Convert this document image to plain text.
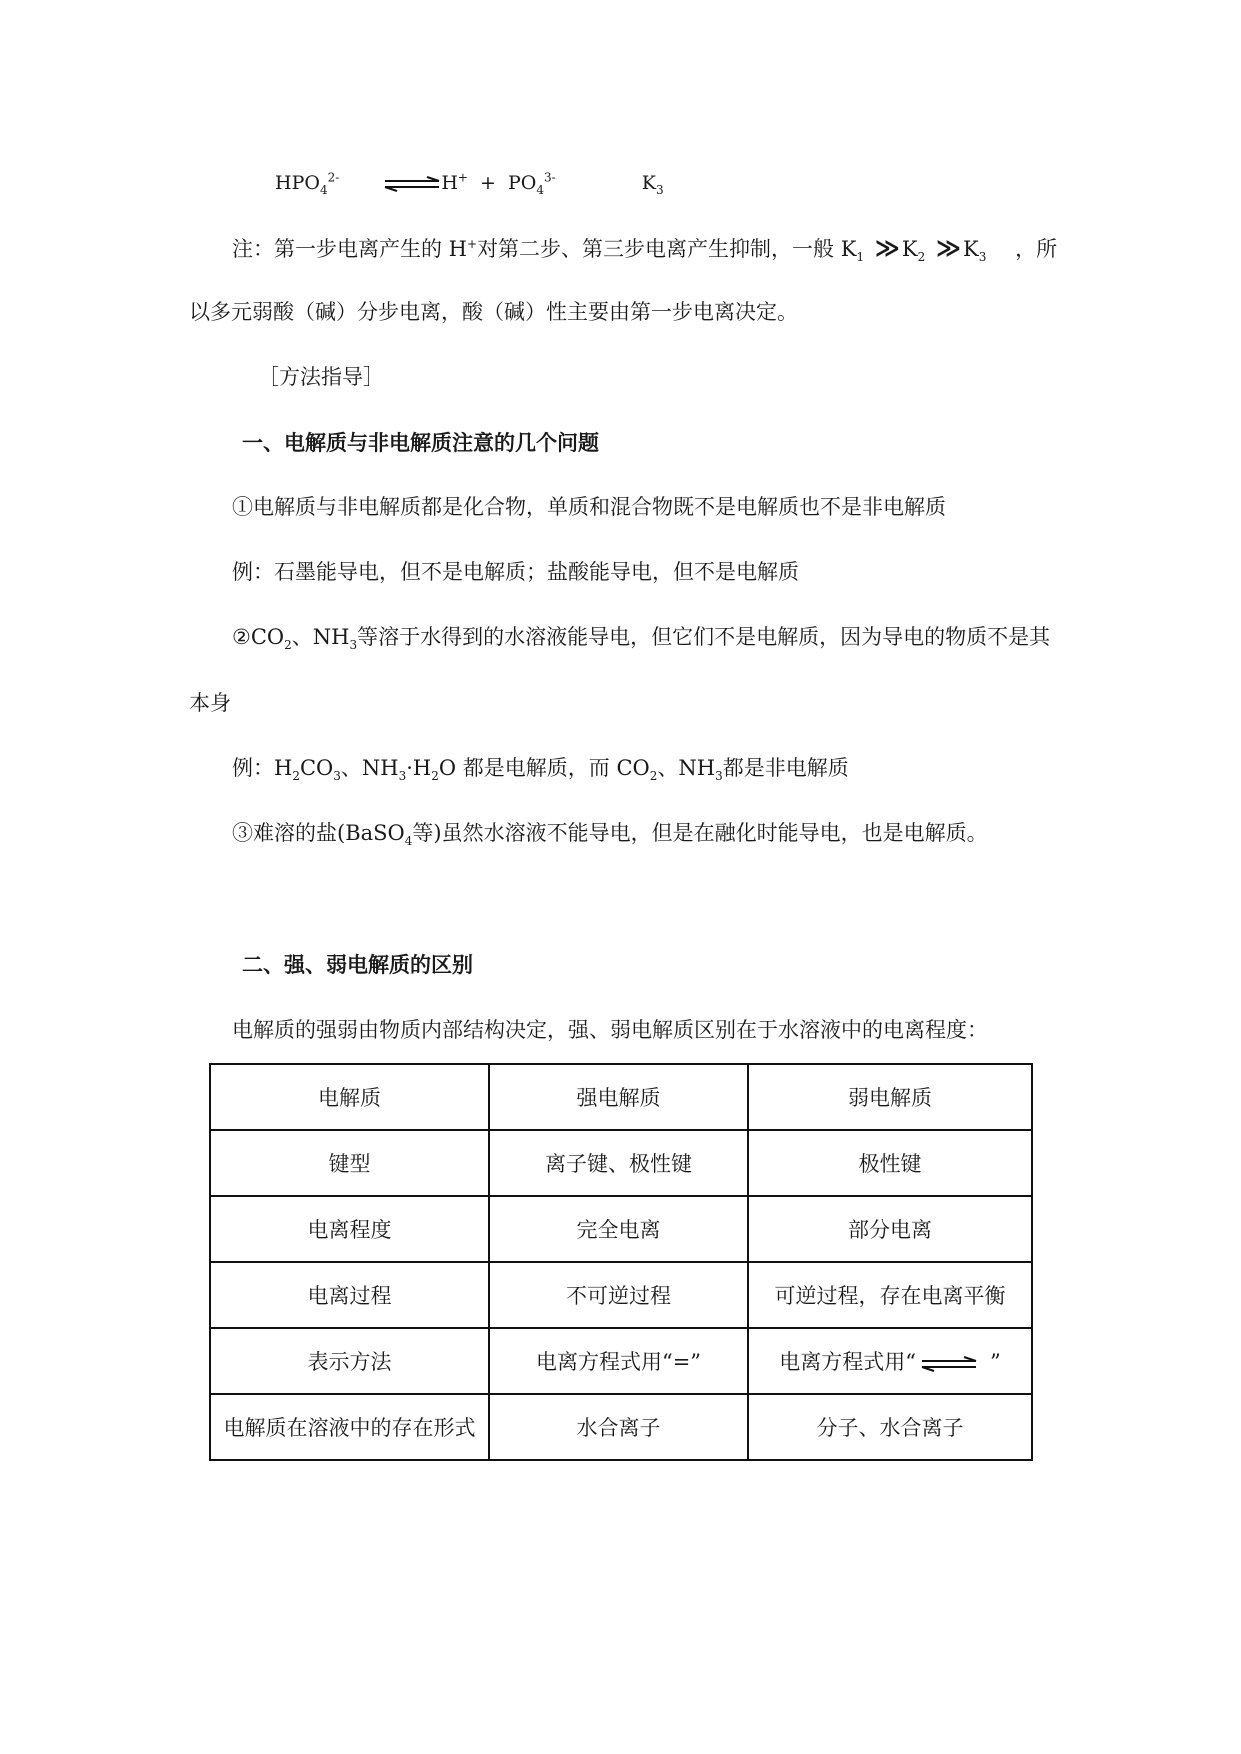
$HPO_4^{2-}$ ⇌H+ + $PO_4^{3-}$	$K_3$
注：第一步电离产生的 H+对第二步、第三步电离产生抑制，一般 $K_1$ ≫ $K_2$ ≫ $K_3$ ，所
以多元弱酸（碱）分步电离，酸（碱）性主要由第一步电离决定。
［方法指导］
一、电解质与非电解质注意的几个问题
①电解质与非电解质都是化合物，单质和混合物既不是电解质也不是非电解质
例：石墨能导电，但不是电解质；盐酸能导电，但不是电解质
$②CO_2$、$NH_3$等溶于水得到的水溶液能导电，但它们不是电解质，因为导电的物质不是其
本身
例：$H_2CO_3$、$NH_3\cdot H_2O$ 都是电解质，而 $CO_2$、$NH_3$都是非电解质
③难溶的盐(BaSO$_4$等)虽然水溶液不能导电，但是在融化时能导电，也是电解质。
二、强、弱电解质的区别
电解质的强弱由物质内部结构决定，强、弱电解质区别在于水溶液中的电离程度：
电解质	强电解质	弱电解质
键型	离子键、极性键	极性键
电离程度	完全电离	部分电离
电离过程	不可逆过程	可逆过程，存在电离平衡
表示方法	电离方程式用“=”	电离方程式用“ ⇌ ”
电解质在溶液中的存在形式	水合离子	分子、水合离子
